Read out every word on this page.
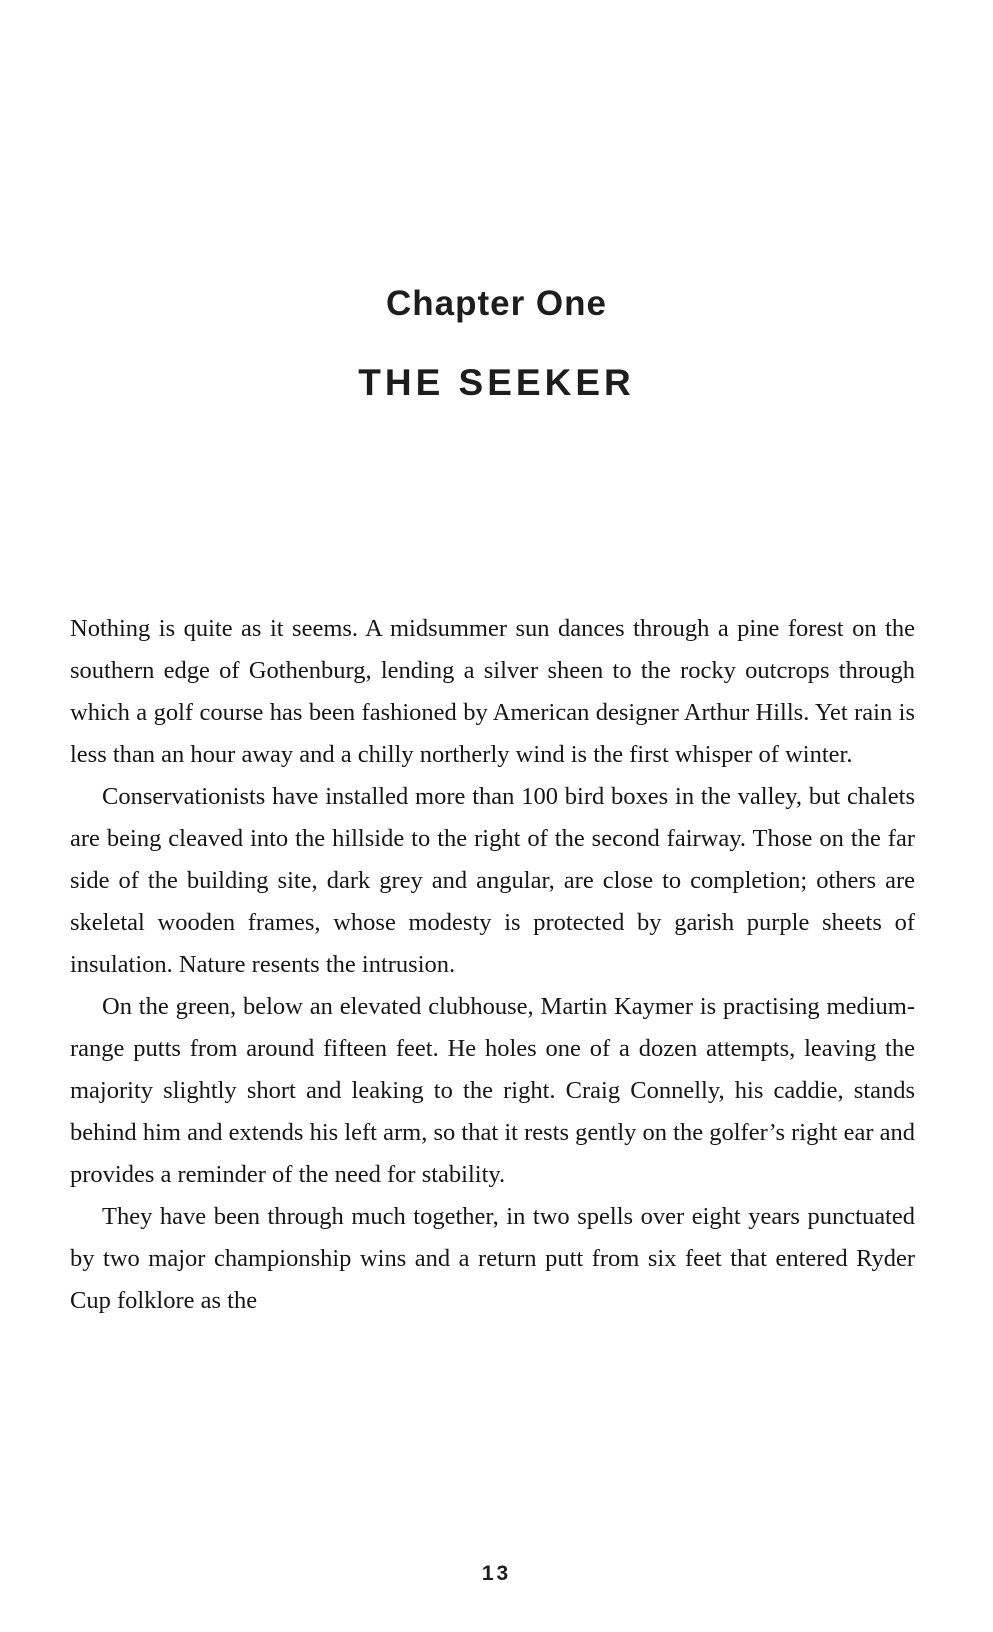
Chapter One
THE SEEKER

Nothing is quite as it seems. A midsummer sun dances through a pine forest on the southern edge of Gothenburg, lending a silver sheen to the rocky outcrops through which a golf course has been fashioned by American designer Arthur Hills. Yet rain is less than an hour away and a chilly northerly wind is the first whisper of winter.

Conservationists have installed more than 100 bird boxes in the valley, but chalets are being cleaved into the hillside to the right of the second fairway. Those on the far side of the building site, dark grey and angular, are close to completion; others are skeletal wooden frames, whose modesty is protected by garish purple sheets of insulation. Nature resents the intrusion.

On the green, below an elevated clubhouse, Martin Kaymer is practising medium-range putts from around fifteen feet. He holes one of a dozen attempts, leaving the majority slightly short and leaking to the right. Craig Connelly, his caddie, stands behind him and extends his left arm, so that it rests gently on the golfer’s right ear and provides a reminder of the need for stability.

They have been through much together, in two spells over eight years punctuated by two major championship wins and a return putt from six feet that entered Ryder Cup folklore as the

13
